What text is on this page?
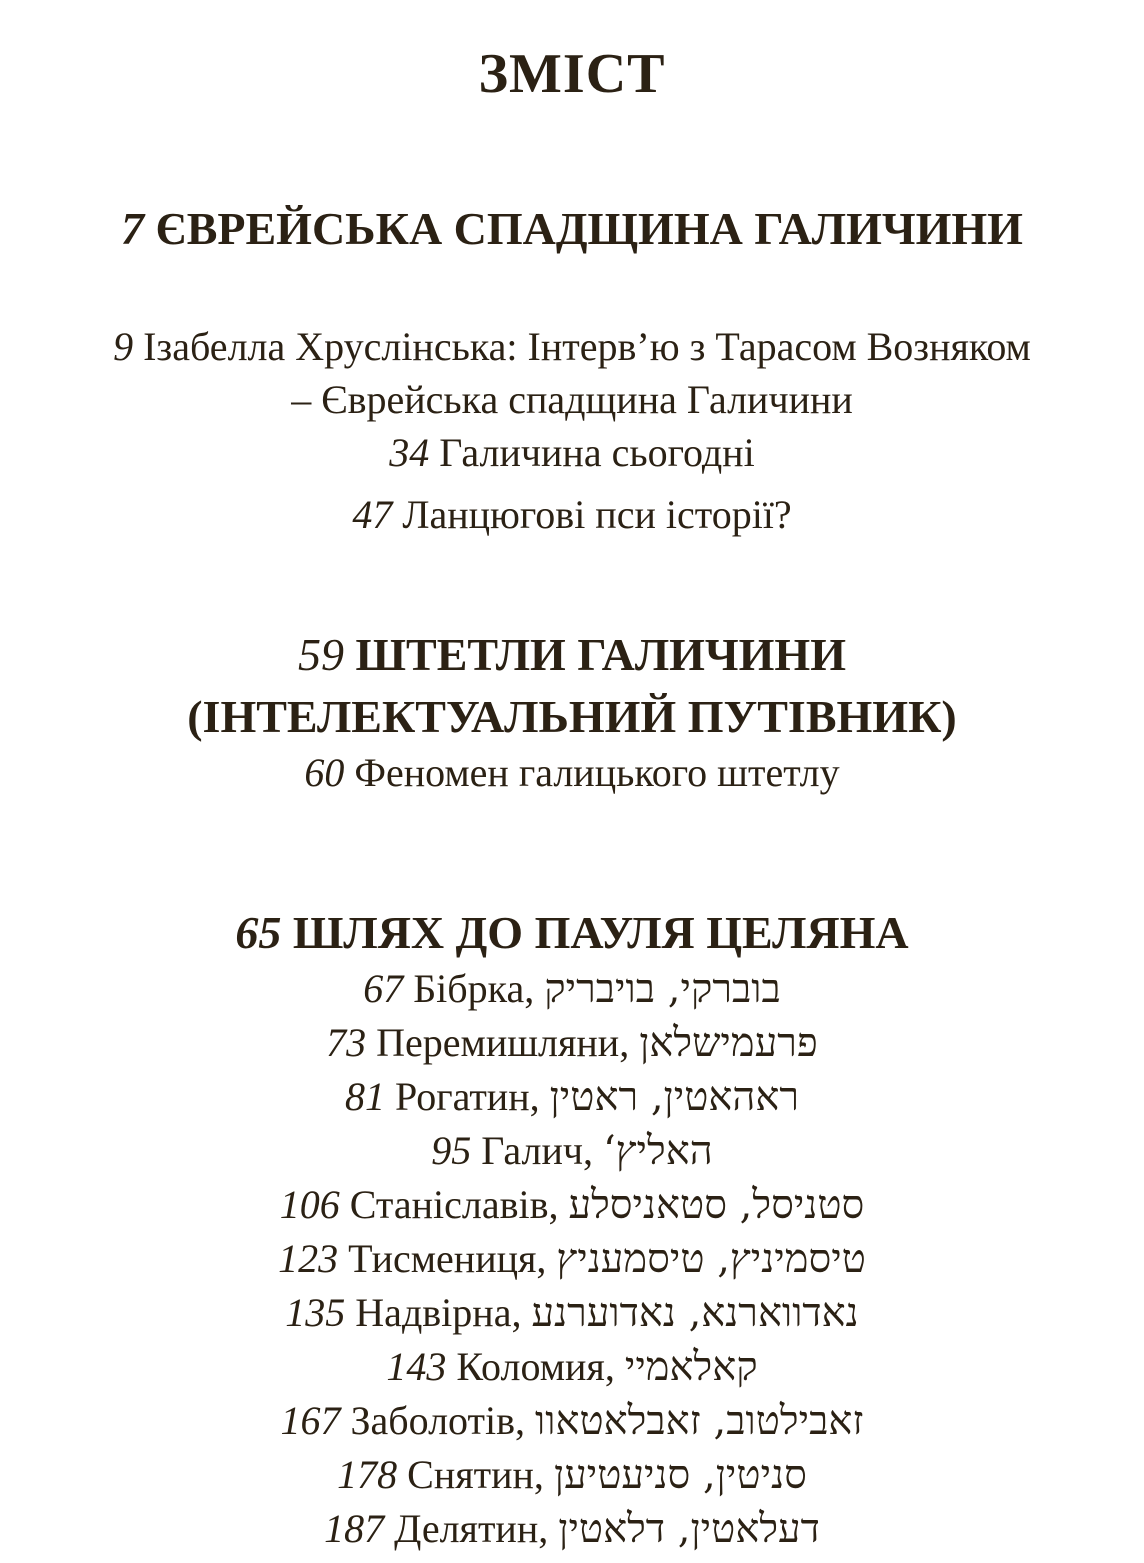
ЗМІСТ
7 ЄВРЕЙСЬКА СПАДЩИНА ГАЛИЧИНИ
9 Ізабелла Хруслінська: Інтерв’ю з Тарасом Возняком
– Єврейська спадщина Галичини
34 Галичина сьогодні
47 Ланцюгові пси історії?
59 ШТЕТЛИ ГАЛИЧИНИ
(ІНТЕЛЕКТУАЛЬНИЙ ПУТІВНИК)
60 Феномен галицького штетлу
65 ШЛЯХ ДО ПАУЛЯ ЦЕЛЯНА
67 Бібрка, בוברקי, בויבריק
73 Перемишляни, פרעמישלאן
81 Рогатин, ראהאטין, ראטין
95 Галич, האליץ‘
106 Станіславів, סטניסל, סטאניסלע
123 Тисмениця, טיסמיניץ, טיסמעניץ
135 Надвірна, נאדווארנא, נאדוערנע
143 Коломия, קאלאמיי
167 Заболотів, זאבילטוב, זאבלאטאוו
178 Снятин, סניטין, סניעטיען
187 Делятин, דעלאטין, דלאטין
